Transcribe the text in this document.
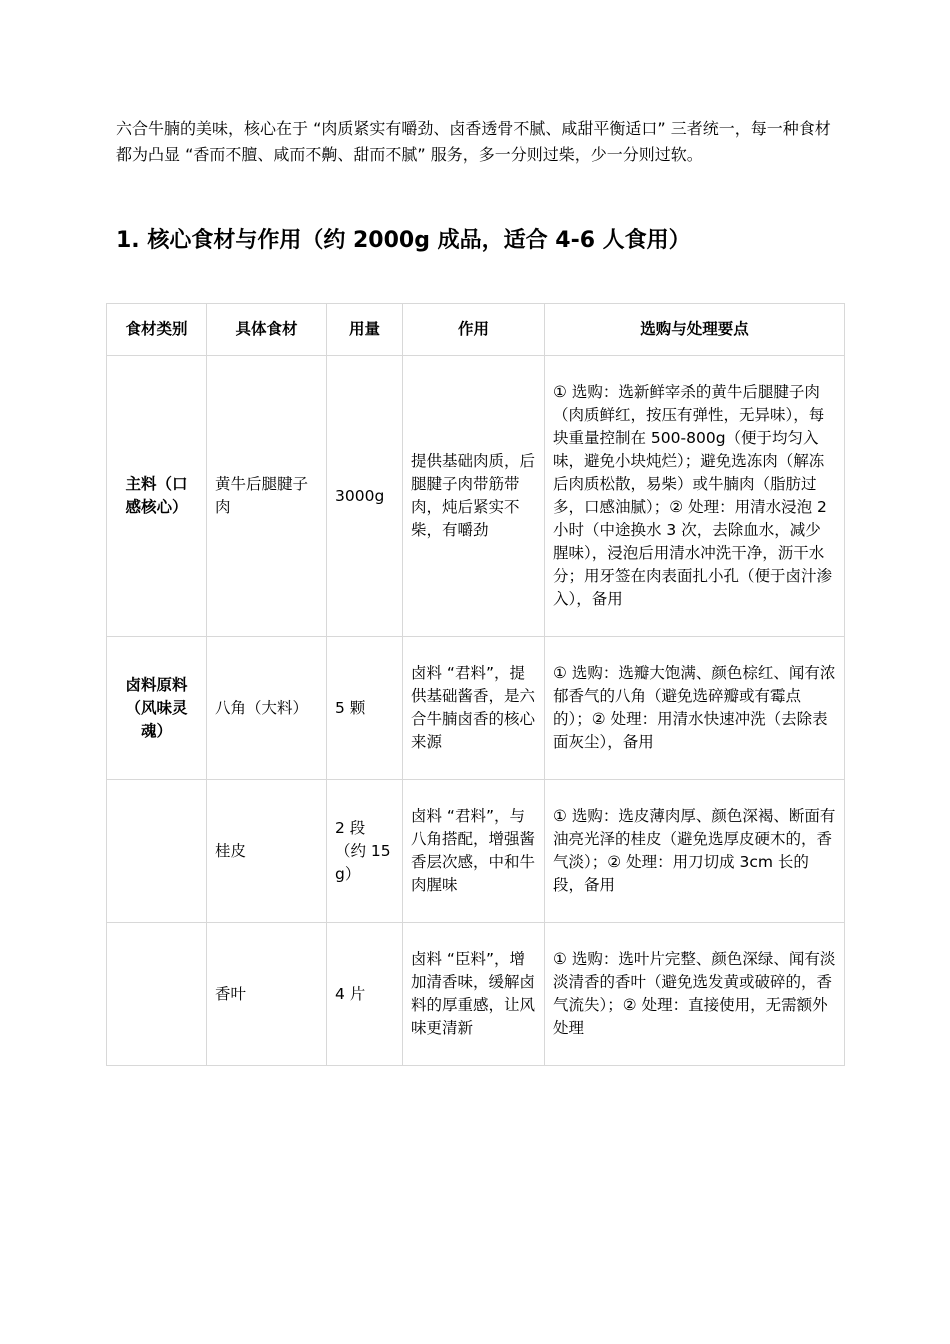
六合牛腩的美味，核心在于 “肉质紧实有嚼劲、卤香透骨不腻、咸甜平衡适口” 三者统一，每一种食材都为凸显 “香而不膻、咸而不齁、甜而不腻” 服务，多一分则过柴，少一分则过软。

1. 核心食材与作用（约 2000g 成品，适合 4-6 人食用）
食材类别	具体食材	用量	作用	选购与处理要点
主料（口感核心）	黄牛后腿腱子肉	3000g	提供基础肉质，后腿腱子肉带筋带肉，炖后紧实不柴，有嚼劲	① 选购：选新鲜宰杀的黄牛后腿腱子肉（肉质鲜红，按压有弹性，无异味），每块重量控制在 500-800g（便于均匀入味，避免小块炖烂）；避免选冻肉（解冻后肉质松散，易柴）或牛腩肉（脂肪过多，口感油腻）；② 处理：用清水浸泡 2 小时（中途换水 3 次，去除血水，减少腥味），浸泡后用清水冲洗干净，沥干水分；用牙签在肉表面扎小孔（便于卤汁渗入），备用
卤料原料（风味灵魂）	八角（大料）	5 颗	卤料 “君料”，提供基础酱香，是六合牛腩卤香的核心来源	① 选购：选瓣大饱满、颜色棕红、闻有浓郁香气的八角（避免选碎瓣或有霉点的）；② 处理：用清水快速冲洗（去除表面灰尘），备用
	桂皮	2 段（约 15g）	卤料 “君料”，与八角搭配，增强酱香层次感，中和牛肉腥味	① 选购：选皮薄肉厚、颜色深褐、断面有油亮光泽的桂皮（避免选厚皮硬木的，香气淡）；② 处理：用刀切成 3cm 长的段，备用
	香叶	4 片	卤料 “臣料”，增加清香味，缓解卤料的厚重感，让风味更清新	① 选购：选叶片完整、颜色深绿、闻有淡淡清香的香叶（避免选发黄或破碎的，香气流失）；② 处理：直接使用，无需额外处理
